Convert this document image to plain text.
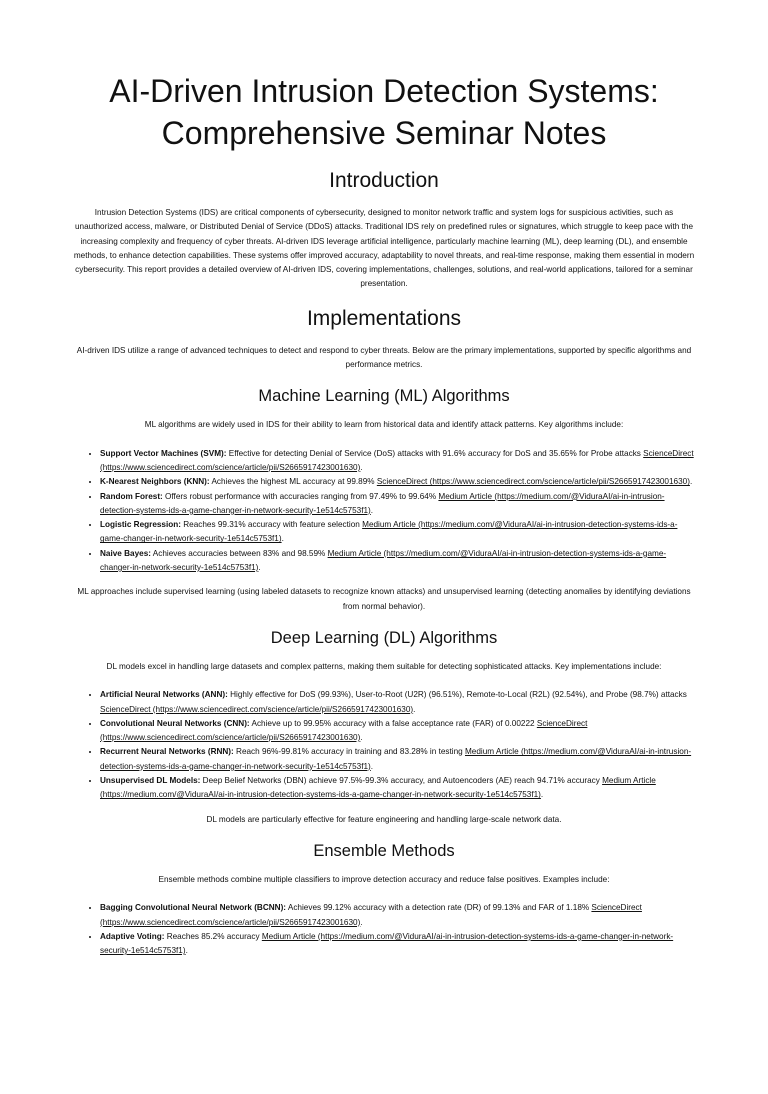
AI-Driven Intrusion Detection Systems: Comprehensive Seminar Notes
Introduction

Intrusion Detection Systems (IDS) are critical components of cybersecurity, designed to monitor network traffic and system logs for suspicious activities, such as unauthorized access, malware, or Distributed Denial of Service (DDoS) attacks. Traditional IDS rely on predefined rules or signatures, which struggle to keep pace with the increasing complexity and frequency of cyber threats. AI-driven IDS leverage artificial intelligence, particularly machine learning (ML), deep learning (DL), and ensemble methods, to enhance detection capabilities. These systems offer improved accuracy, adaptability to novel threats, and real-time response, making them essential in modern cybersecurity. This report provides a detailed overview of AI-driven IDS, covering implementations, challenges, solutions, and real-world applications, tailored for a seminar presentation.

Implementations

AI-driven IDS utilize a range of advanced techniques to detect and respond to cyber threats. Below are the primary implementations, supported by specific algorithms and performance metrics.

Machine Learning (ML) Algorithms

ML algorithms are widely used in IDS for their ability to learn from historical data and identify attack patterns. Key algorithms include:

• Support Vector Machines (SVM): Effective for detecting Denial of Service (DoS) attacks with 91.6% accuracy for DoS and 35.65% for Probe attacks ScienceDirect (https://www.sciencedirect.com/science/article/pii/S2665917423001630).
• K-Nearest Neighbors (KNN): Achieves the highest ML accuracy at 99.89% ScienceDirect (https://www.sciencedirect.com/science/article/pii/S2665917423001630).
• Random Forest: Offers robust performance with accuracies ranging from 97.49% to 99.64% Medium Article (https://medium.com/@ViduraAI/ai-in-intrusion-detection-systems-ids-a-game-changer-in-network-security-1e514c5753f1).
• Logistic Regression: Reaches 99.31% accuracy with feature selection Medium Article (https://medium.com/@ViduraAI/ai-in-intrusion-detection-systems-ids-a-game-changer-in-network-security-1e514c5753f1).
• Naive Bayes: Achieves accuracies between 83% and 98.59% Medium Article (https://medium.com/@ViduraAI/ai-in-intrusion-detection-systems-ids-a-game-changer-in-network-security-1e514c5753f1).

ML approaches include supervised learning (using labeled datasets to recognize known attacks) and unsupervised learning (detecting anomalies by identifying deviations from normal behavior).

Deep Learning (DL) Algorithms

DL models excel in handling large datasets and complex patterns, making them suitable for detecting sophisticated attacks. Key implementations include:

• Artificial Neural Networks (ANN): Highly effective for DoS (99.93%), User-to-Root (U2R) (96.51%), Remote-to-Local (R2L) (92.54%), and Probe (98.7%) attacks ScienceDirect (https://www.sciencedirect.com/science/article/pii/S2665917423001630).
• Convolutional Neural Networks (CNN): Achieve up to 99.95% accuracy with a false acceptance rate (FAR) of 0.00222 ScienceDirect (https://www.sciencedirect.com/science/article/pii/S2665917423001630).
• Recurrent Neural Networks (RNN): Reach 96%-99.81% accuracy in training and 83.28% in testing Medium Article (https://medium.com/@ViduraAI/ai-in-intrusion-detection-systems-ids-a-game-changer-in-network-security-1e514c5753f1).
• Unsupervised DL Models: Deep Belief Networks (DBN) achieve 97.5%-99.3% accuracy, and Autoencoders (AE) reach 94.71% accuracy Medium Article (https://medium.com/@ViduraAI/ai-in-intrusion-detection-systems-ids-a-game-changer-in-network-security-1e514c5753f1).

DL models are particularly effective for feature engineering and handling large-scale network data.

Ensemble Methods

Ensemble methods combine multiple classifiers to improve detection accuracy and reduce false positives. Examples include:

• Bagging Convolutional Neural Network (BCNN): Achieves 99.12% accuracy with a detection rate (DR) of 99.13% and FAR of 1.18% ScienceDirect (https://www.sciencedirect.com/science/article/pii/S2665917423001630).
• Adaptive Voting: Reaches 85.2% accuracy Medium Article (https://medium.com/@ViduraAI/ai-in-intrusion-detection-systems-ids-a-game-changer-in-network-security-1e514c5753f1).
